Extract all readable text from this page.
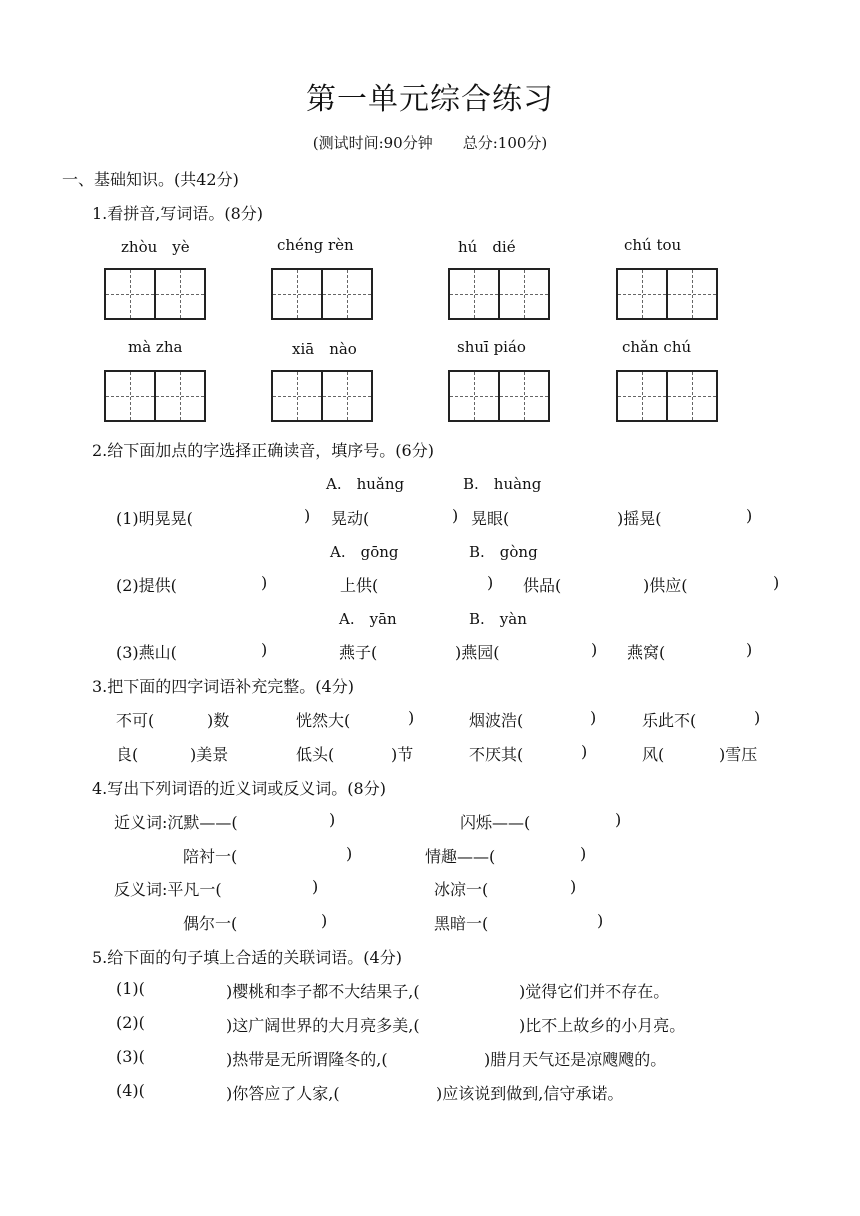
第一单元综合练习
(测试时间:90分钟　　总分:100分)
一、基础知识。(共42分)
1.看拼音,写词语。(8分)
zhòu　yè	chéng rèn	hú　dié	chú tou
mà zha	xiā　nào	shuī piáo	chǎn chú
2.给下面加点的字选择正确读音，填序号。(6分)
A.　huǎng	B.　huàng
(1)明晃晃(	) 晃动(	) 晃眼(	)摇晃(	)
A.　gōng	B.　gòng
(2)提供(	)	上供(	) 供品(	)供应(	)
A.　yān	B.　yàn
(3)燕山(	)	燕子(	)燕园(	) 燕窝(	)
3.把下面的四字词语补充完整。(4分)
不可(	)数	恍然大(	)	烟波浩(	)	乐此不(	)
良(	)美景	低头(	)节	不厌其(	)	风(	)雪压
4.写出下列词语的近义词或反义词。(8分)
近义词:沉默——(	)	闪烁——(	)
陪衬一(	)	情趣——(	)
反义词:平凡一(	)	冰凉一(	)
偶尔一(	)	黑暗一(	)
5.给下面的句子填上合适的关联词语。(4分)
(1)(	)樱桃和李子都不大结果子,(	)觉得它们并不存在。
(2)(	)这广阔世界的大月亮多美,(	)比不上故乡的小月亮。
(3)(	)热带是无所谓隆冬的,(	)腊月天气还是凉飕飕的。
(4)(	)你答应了人家,(	)应该说到做到,信守承诺。
